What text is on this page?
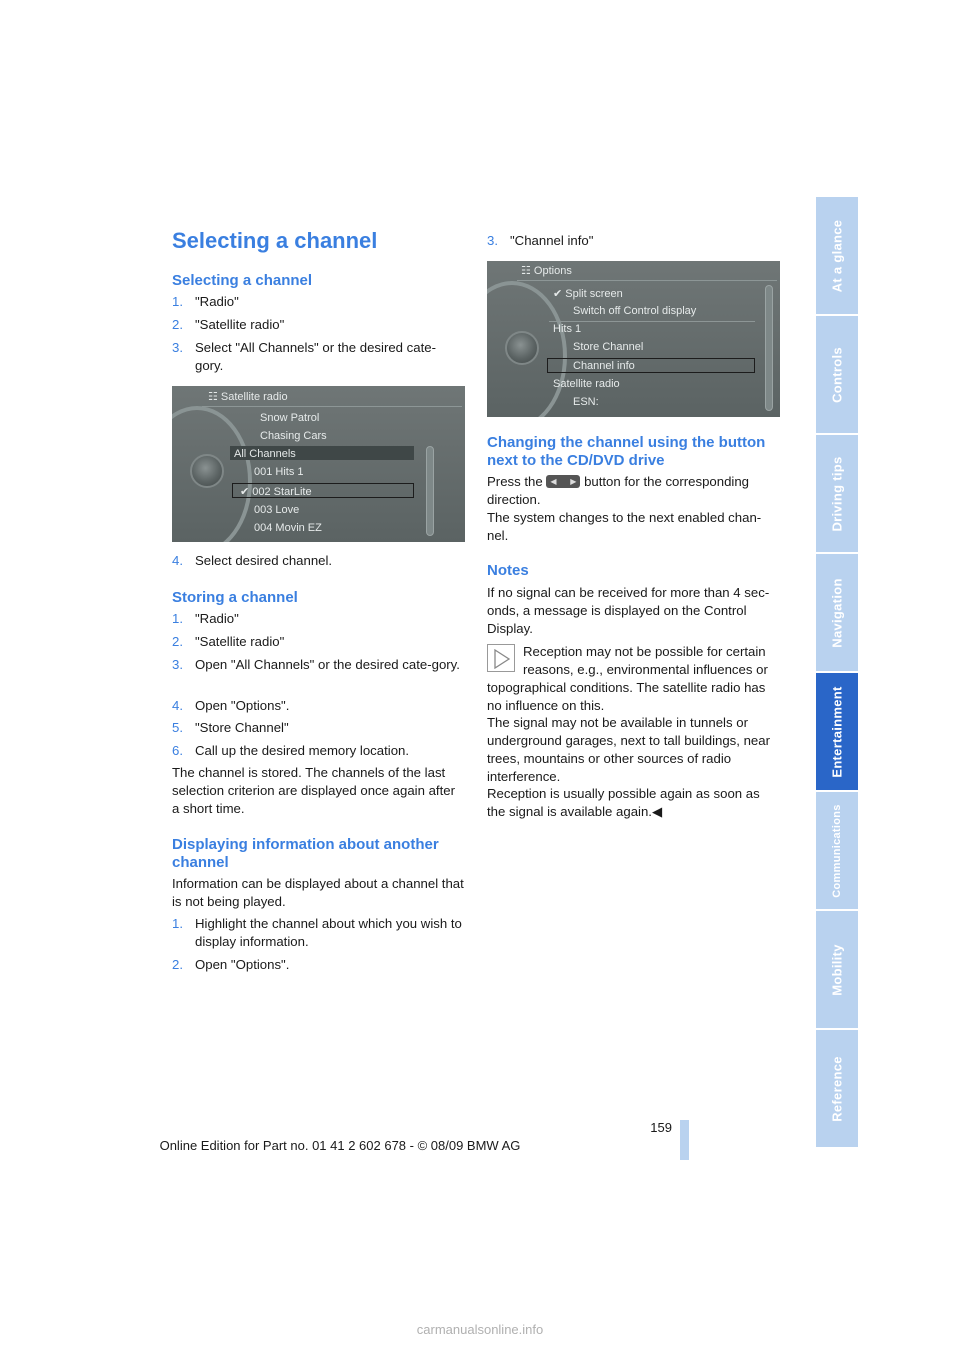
At a glance
Controls
Driving tips
Navigation
Entertainment
Communications
Mobility
Reference
Selecting a channel
Selecting a channel
1. "Radio"
2. "Satellite radio"
3. Select "All Channels" or the desired cate-gory.
☷ Satellite radio
Snow Patrol
Chasing Cars
All Channels
001 Hits 1
✔ 002 StarLite
003 Love
004 Movin EZ
4. Select desired channel.
Storing a channel
1. "Radio"
2. "Satellite radio"
3. Open "All Channels" or the desired cate-gory.
4. Open "Options".
5. "Store Channel"
6. Call up the desired memory location.
The channel is stored. The channels of the last selection criterion are displayed once again after a short time.
Displaying information about another channel
Information can be displayed about a channel that is not being played.
1. Highlight the channel about which you wish to display information.
2. Open "Options".
3. "Channel info"
☷ Options
✔ Split screen
Switch off Control display
Hits 1
Store Channel
Channel info
Satellite radio
ESN:
Changing the channel using the button next to the CD/DVD drive
Press the ◀ ▶	button for the corresponding direction.
The system changes to the next enabled chan-nel.
Notes
If no signal can be received for more than 4 sec-onds, a message is displayed on the Control Display.
Reception may not be possible for certain reasons, e.g., environmental influences or
topographical conditions. The satellite radio has no influence on this.
The signal may not be available in tunnels or underground garages, next to tall buildings, near trees, mountains or other sources of radio interference.
Reception is usually possible again as soon as the signal is available again.◀
159
Online Edition for Part no. 01 41 2 602 678 - © 08/09 BMW AG
carmanualsonline.info
